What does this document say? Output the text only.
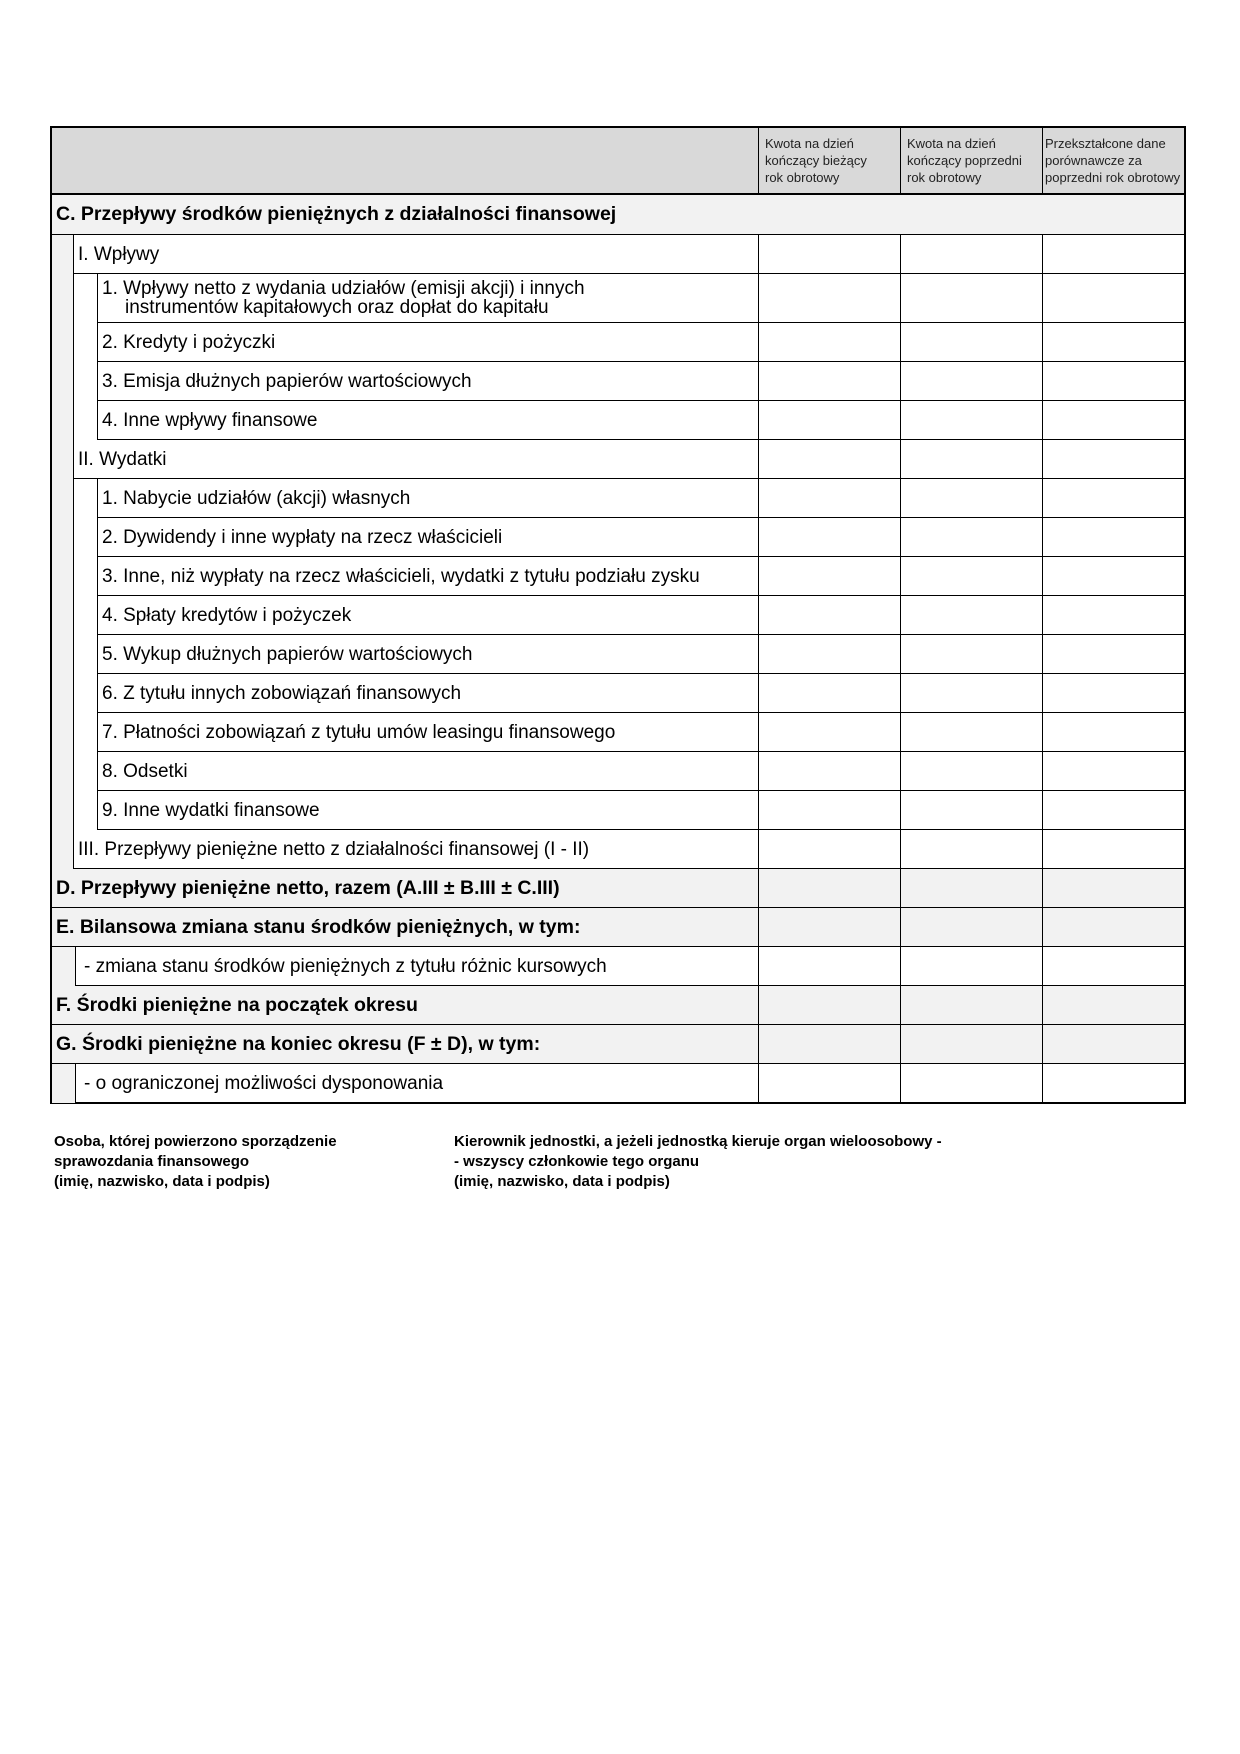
Kwota na dzień
kończący bieżący
rok obrotowy
Kwota na dzień
kończący poprzedni
rok obrotowy
Przekształcone dane
porównawcze za
poprzedni rok obrotowy
C. Przepływy środków pieniężnych z działalności finansowej
I. Wpływy
1. Wpływy netto z wydania udziałów (emisji akcji) i innych
instrumentów kapitałowych oraz dopłat do kapitału
2. Kredyty i pożyczki
3. Emisja dłużnych papierów wartościowych
4. Inne wpływy finansowe
II. Wydatki
1. Nabycie udziałów (akcji) własnych
2. Dywidendy i inne wypłaty na rzecz właścicieli
3. Inne, niż wypłaty na rzecz właścicieli, wydatki z tytułu podziału zysku
4. Spłaty kredytów i pożyczek
5. Wykup dłużnych papierów wartościowych
6. Z tytułu innych zobowiązań finansowych
7. Płatności zobowiązań z tytułu umów leasingu finansowego
8. Odsetki
9. Inne wydatki finansowe
III. Przepływy pieniężne netto z działalności finansowej (I - II)
D. Przepływy pieniężne netto, razem (A.III ± B.III ± C.III)
E. Bilansowa zmiana stanu środków pieniężnych, w tym:
- zmiana stanu środków pieniężnych z tytułu różnic kursowych
F. Środki pieniężne na początek okresu
G. Środki pieniężne na koniec okresu (F ± D), w tym:
- o ograniczonej możliwości dysponowania
Osoba, której powierzono sporządzenie
sprawozdania finansowego
(imię, nazwisko, data i podpis)
Kierownik jednostki, a jeżeli jednostką kieruje organ wieloosobowy -
- wszyscy członkowie tego organu
(imię, nazwisko, data i podpis)
